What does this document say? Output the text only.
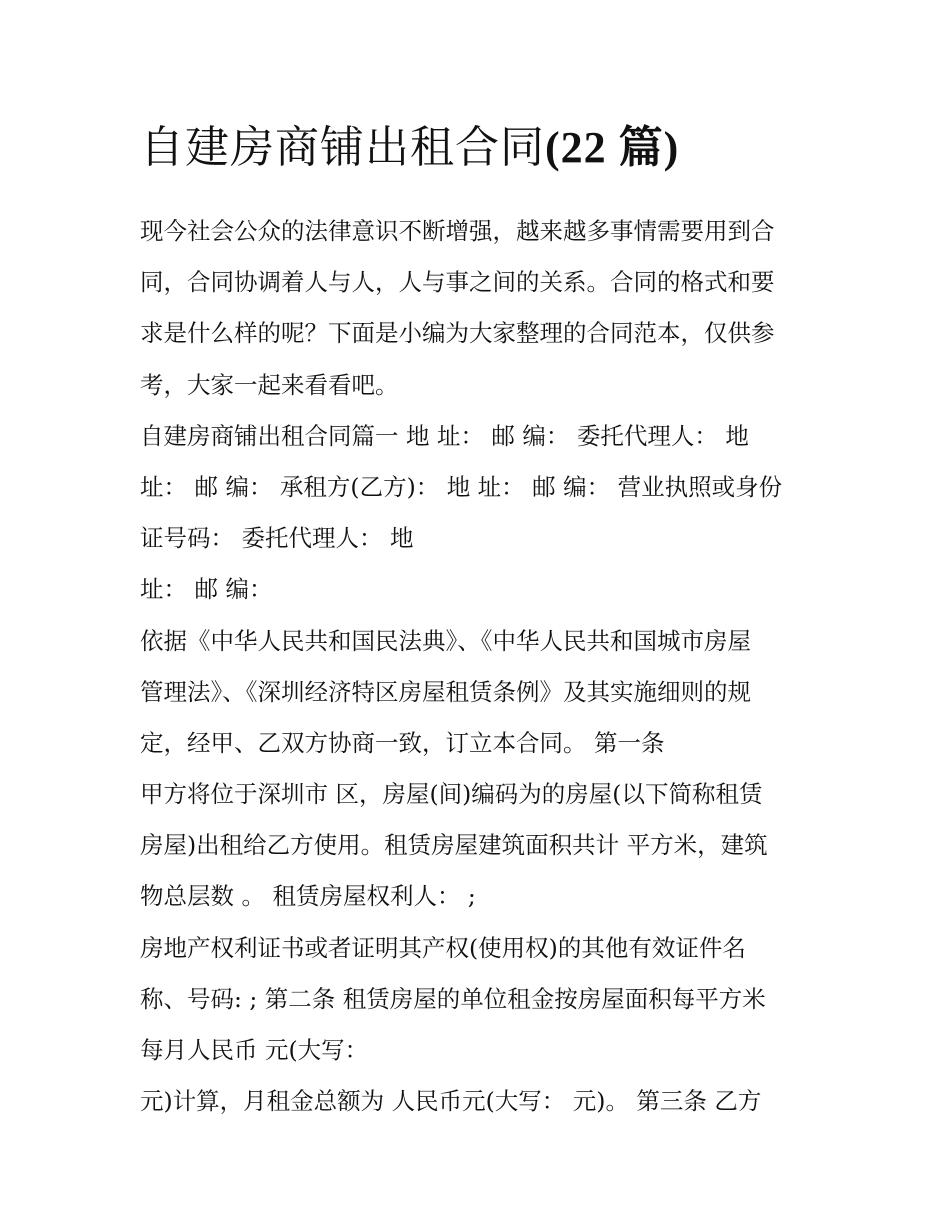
自建房商铺出租合同(22 篇)
现今社会公众的法律意识不断增强，越来越多事情需要用到合
同，合同协调着人与人，人与事之间的关系。合同的格式和要
求是什么样的呢？下面是小编为大家整理的合同范本，仅供参
考，大家一起来看看吧。
自建房商铺出租合同篇一 地 址： 邮 编： 委托代理人： 地
址： 邮 编： 承租方(乙方)： 地 址： 邮 编： 营业执照或身份
证号码： 委托代理人： 地
址： 邮 编：
依据《中华人民共和国民法典》、《中华人民共和国城市房屋
管理法》、《深圳经济特区房屋租赁条例》及其实施细则的规
定，经甲、乙双方协商一致，订立本合同。 第一条
甲方将位于深圳市 区，房屋(间)编码为的房屋(以下简称租赁
房屋)出租给乙方使用。租赁房屋建筑面积共计 平方米，建筑
物总层数 。 租赁房屋权利人： ;
房地产权利证书或者证明其产权(使用权)的其他有效证件名
称、号码: ; 第二条 租赁房屋的单位租金按房屋面积每平方米
每月人民币 元(大写：
元)计算，月租金总额为 人民币元(大写： 元)。 第三条 乙方
